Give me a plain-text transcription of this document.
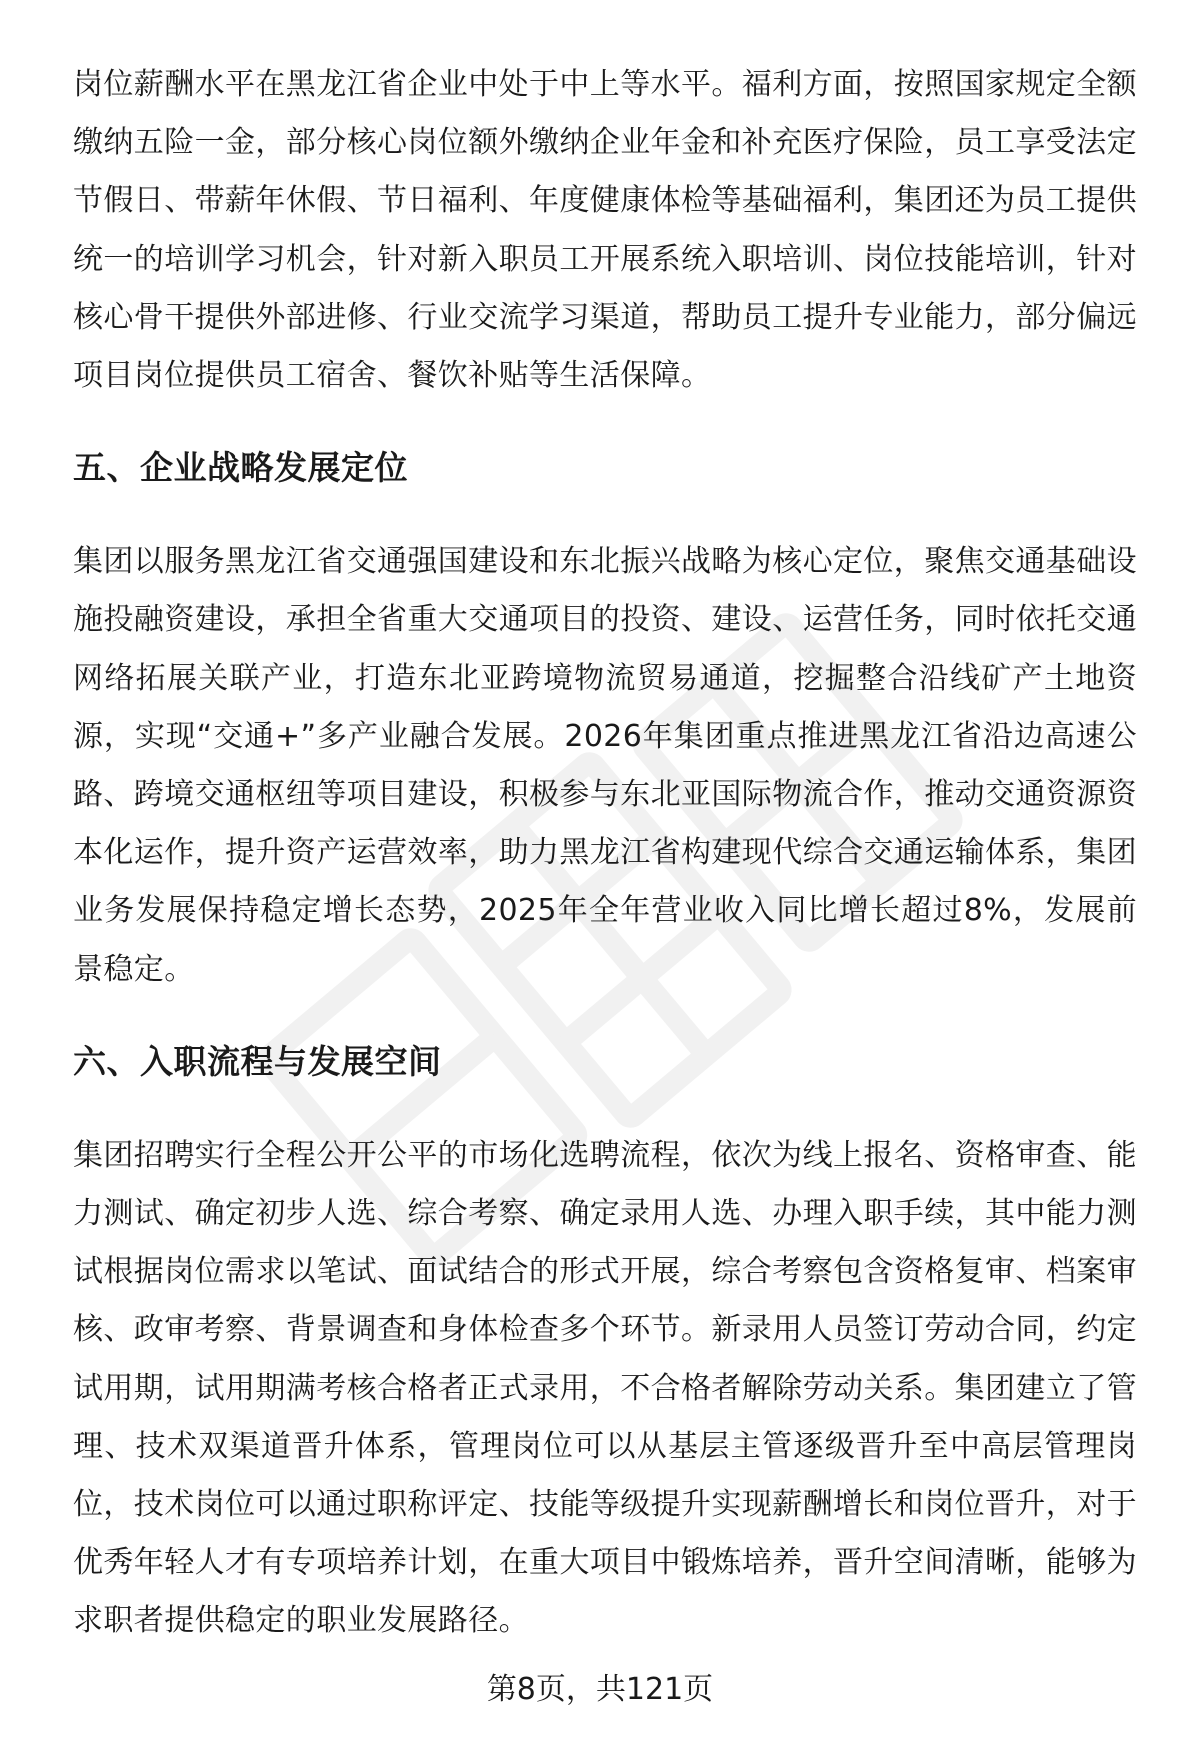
岗位薪酬水平在黑龙江省企业中处于中上等水平。福利方面，按照国家规定全额缴纳五险一金，部分核心岗位额外缴纳企业年金和补充医疗保险，员工享受法定节假日、带薪年休假、节日福利、年度健康体检等基础福利，集团还为员工提供统一的培训学习机会，针对新入职员工开展系统入职培训、岗位技能培训，针对核心骨干提供外部进修、行业交流学习渠道，帮助员工提升专业能力，部分偏远项目岗位提供员工宿舍、餐饮补贴等生活保障。

五、企业战略发展定位

集团以服务黑龙江省交通强国建设和东北振兴战略为核心定位，聚焦交通基础设施投融资建设，承担全省重大交通项目的投资、建设、运营任务，同时依托交通网络拓展关联产业，打造东北亚跨境物流贸易通道，挖掘整合沿线矿产土地资源，实现“交通+”多产业融合发展。2026年集团重点推进黑龙江省沿边高速公路、跨境交通枢纽等项目建设，积极参与东北亚国际物流合作，推动交通资源资本化运作，提升资产运营效率，助力黑龙江省构建现代综合交通运输体系，集团业务发展保持稳定增长态势，2025年全年营业收入同比增长超过8%，发展前景稳定。

六、入职流程与发展空间

集团招聘实行全程公开公平的市场化选聘流程，依次为线上报名、资格审查、能力测试、确定初步人选、综合考察、确定录用人选、办理入职手续，其中能力测试根据岗位需求以笔试、面试结合的形式开展，综合考察包含资格复审、档案审核、政审考察、背景调查和身体检查多个环节。新录用人员签订劳动合同，约定试用期，试用期满考核合格者正式录用，不合格者解除劳动关系。集团建立了管理、技术双渠道晋升体系，管理岗位可以从基层主管逐级晋升至中高层管理岗位，技术岗位可以通过职称评定、技能等级提升实现薪酬增长和岗位晋升，对于优秀年轻人才有专项培养计划，在重大项目中锻炼培养，晋升空间清晰，能够为求职者提供稳定的职业发展路径。

第8页，共121页
